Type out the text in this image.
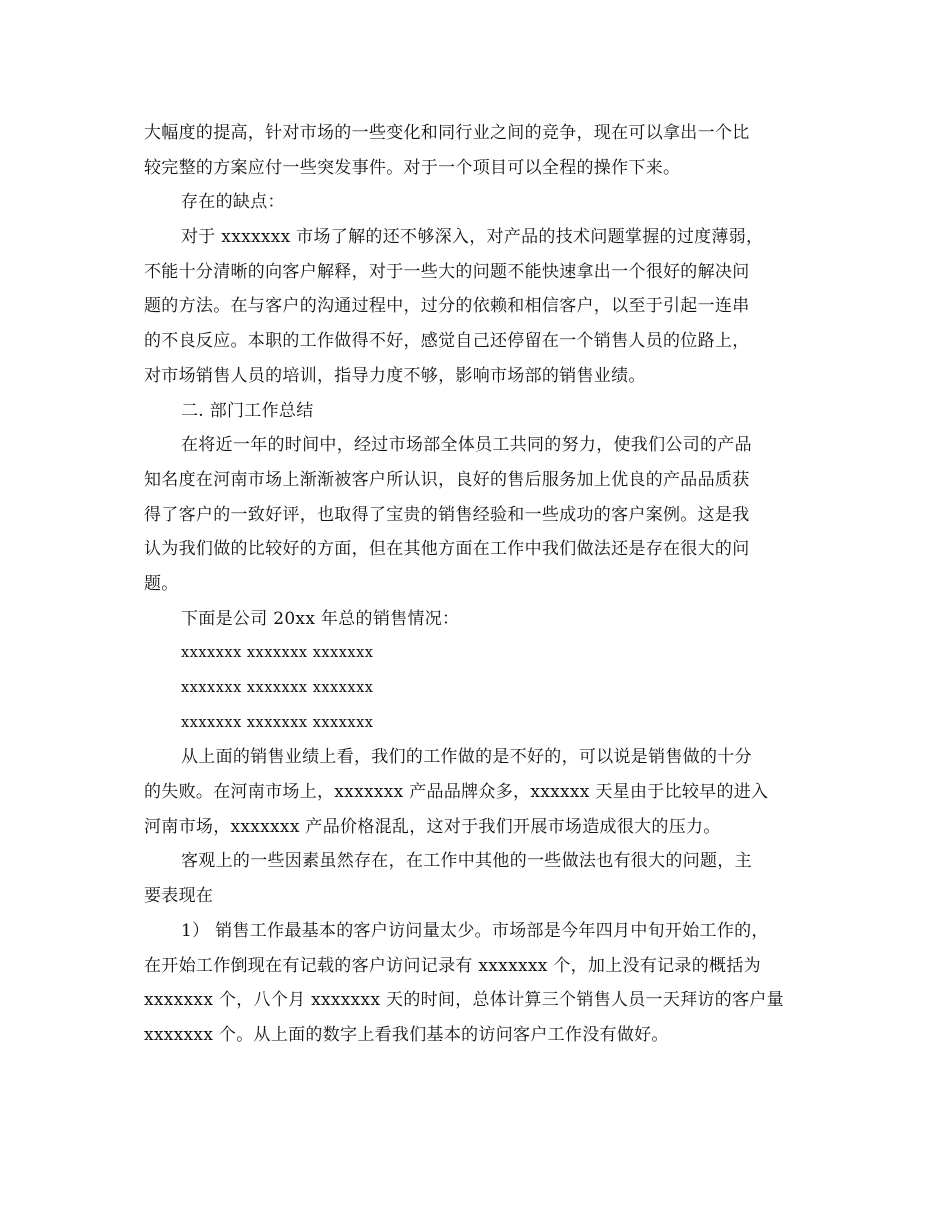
大幅度的提高，针对市场的一些变化和同行业之间的竞争，现在可以拿出一个比
较完整的方案应付一些突发事件。对于一个项目可以全程的操作下来。
存在的缺点：
对于 xxxxxxx 市场了解的还不够深入，对产品的技术问题掌握的过度薄弱，
不能十分清晰的向客户解释，对于一些大的问题不能快速拿出一个很好的解决问
题的方法。在与客户的沟通过程中，过分的依赖和相信客户，以至于引起一连串
的不良反应。本职的工作做得不好，感觉自己还停留在一个销售人员的位路上，
对市场销售人员的培训，指导力度不够，影响市场部的销售业绩。
二. 部门工作总结
在将近一年的时间中，经过市场部全体员工共同的努力，使我们公司的产品
知名度在河南市场上渐渐被客户所认识，良好的售后服务加上优良的产品品质获
得了客户的一致好评，也取得了宝贵的销售经验和一些成功的客户案例。这是我
认为我们做的比较好的方面，但在其他方面在工作中我们做法还是存在很大的问
题。
下面是公司 20xx 年总的销售情况：
xxxxxxx xxxxxxx xxxxxxx
xxxxxxx xxxxxxx xxxxxxx
xxxxxxx xxxxxxx xxxxxxx
从上面的销售业绩上看，我们的工作做的是不好的，可以说是销售做的十分
的失败。在河南市场上，xxxxxxx 产品品牌众多，xxxxxx 天星由于比较早的进入
河南市场，xxxxxxx 产品价格混乱，这对于我们开展市场造成很大的压力。
客观上的一些因素虽然存在，在工作中其他的一些做法也有很大的问题，主
要表现在
1） 销售工作最基本的客户访问量太少。市场部是今年四月中旬开始工作的，
在开始工作倒现在有记载的客户访问记录有 xxxxxxx 个，加上没有记录的概括为
xxxxxxx 个，八个月 xxxxxxx 天的时间，总体计算三个销售人员一天拜访的客户量
xxxxxxx 个。从上面的数字上看我们基本的访问客户工作没有做好。
